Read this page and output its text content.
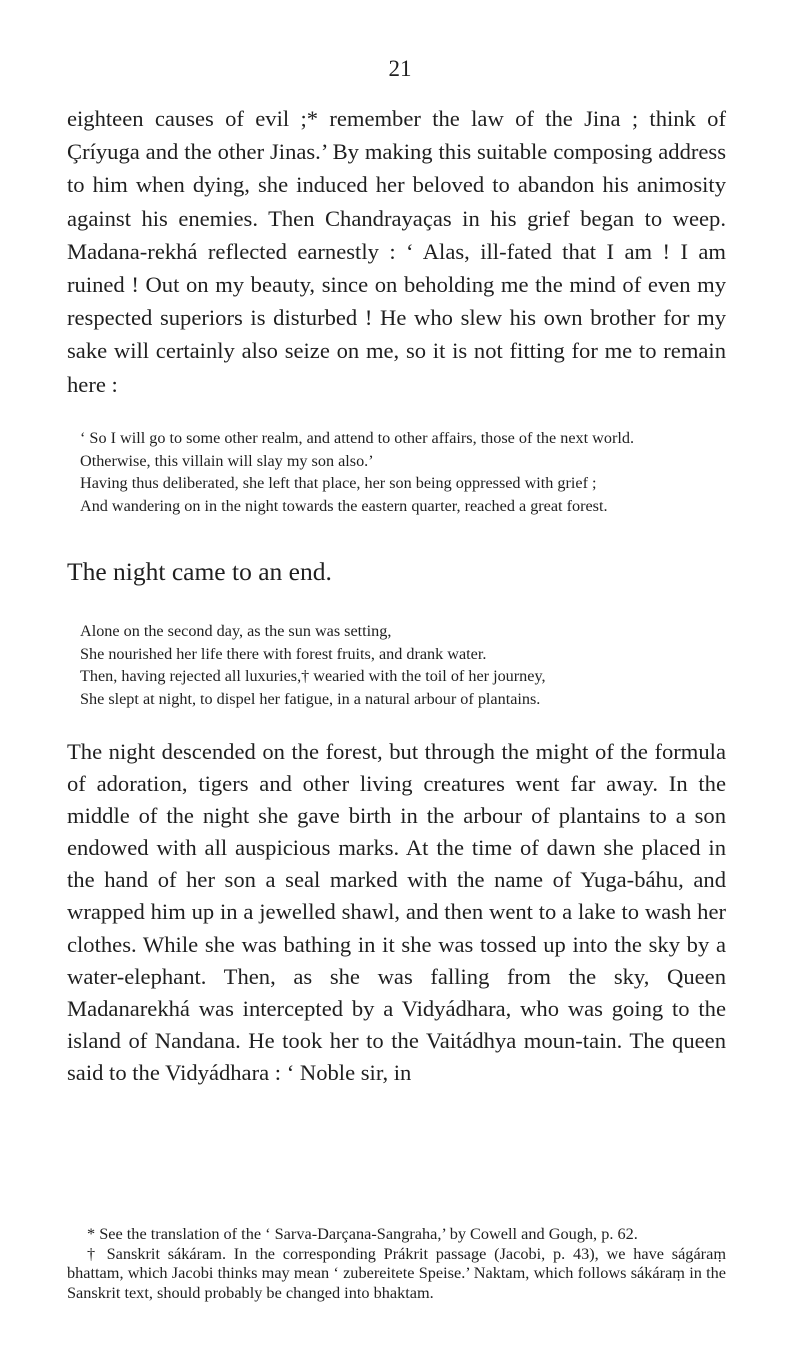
21

eighteen causes of evil ;* remember the law of the Jina ; think of Çríyuga and the other Jinas.’ By making this suitable composing address to him when dying, she induced her beloved to abandon his animosity against his enemies. Then Chandrayaças in his grief began to weep. Madana-rekhá reflected earnestly : ‘ Alas, ill-fated that I am ! I am ruined ! Out on my beauty, since on beholding me the mind of even my respected superiors is disturbed ! He who slew his own brother for my sake will certainly also seize on me, so it is not fitting for me to remain here :

‘ So I will go to some other realm, and attend to other affairs, those of the next world.

Otherwise, this villain will slay my son also.’

Having thus deliberated, she left that place, her son being oppressed with grief ;

And wandering on in the night towards the eastern quarter, reached a great forest.

The night came to an end.

Alone on the second day, as the sun was setting,

She nourished her life there with forest fruits, and drank water.

Then, having rejected all luxuries,† wearied with the toil of her journey,

She slept at night, to dispel her fatigue, in a natural arbour of plantains.

The night descended on the forest, but through the might of the formula of adoration, tigers and other living creatures went far away. In the middle of the night she gave birth in the arbour of plantains to a son endowed with all auspicious marks. At the time of dawn she placed in the hand of her son a seal marked with the name of Yuga-báhu, and wrapped him up in a jewelled shawl, and then went to a lake to wash her clothes. While she was bathing in it she was tossed up into the sky by a water-elephant. Then, as she was falling from the sky, Queen Madanarekhá was intercepted by a Vidyádhara, who was going to the island of Nandana. He took her to the Vaitádhya moun-tain. The queen said to the Vidyádhara : ‘ Noble sir, in

* See the translation of the ‘ Sarva-Darçana-Sangraha,’ by Cowell and Gough, p. 62.

† Sanskrit sákáram. In the corresponding Prákrit passage (Jacobi, p. 43), we have ságáraṃ bhattam, which Jacobi thinks may mean ‘ zubereitete Speise.’ Naktam, which follows sákáraṃ in the Sanskrit text, should probably be changed into bhaktam.
